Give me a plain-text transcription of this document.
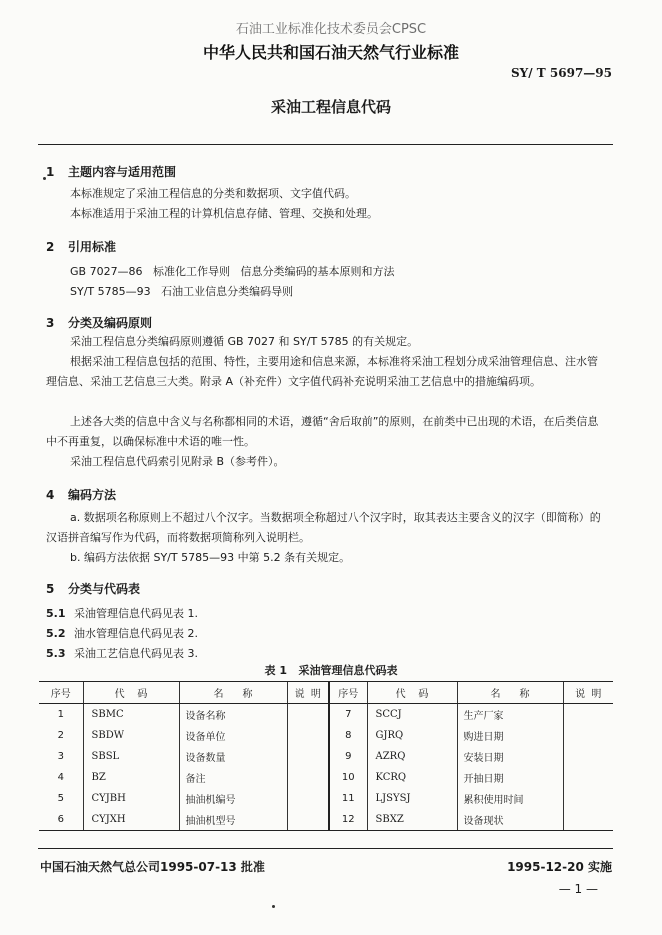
石油工业标准化技术委员会CPSC
中华人民共和国石油天然气行业标准
SY/ T 5697—95
采油工程信息代码
1 主题内容与适用范围
本标准规定了采油工程信息的分类和数据项、文字值代码。
本标准适用于采油工程的计算机信息存储、管理、交换和处理。
2 引用标准
GB 7027—86   标准化工作导则   信息分类编码的基本原则和方法
SY/T 5785—93   石油工业信息分类编码导则
3 分类及编码原则
采油工程信息分类编码原则遵循 GB 7027 和 SY/T 5785 的有关规定。
根据采油工程信息包括的范围、特性，主要用途和信息来源，本标准将采油工程划分成采油管理信息、注水管理信息、采油工艺信息三大类。附录 A（补充件）文字值代码补充说明采油工艺信息中的措施编码项。
上述各大类的信息中含义与名称都相同的术语，遵循“舍后取前”的原则，在前类中已出现的术语，在后类信息中不再重复，以确保标准中术语的唯一性。
采油工程信息代码索引见附录 B（参考件）。
4 编码方法
a. 数据项名称原则上不超过八个汉字。当数据项全称超过八个汉字时，取其表达主要含义的汉字（即简称）的汉语拼音编写作为代码，而将数据项简称列入说明栏。
b. 编码方法依据 SY/T 5785—93 中第 5.2 条有关规定。
5 分类与代码表
5.1 采油管理信息代码见表 1.
5.2 油水管理信息代码见表 2.
5.3 采油工艺信息代码见表 3.
表 1   采油管理信息代码表
序号	代    码	名      称	说  明	序号	代    码	名      称	说  明
1	SBMC	设备名称		7	SCCJ	生产厂家	
2	SBDW	设备单位		8	GJRQ	购进日期	
3	SBSL	设备数量		9	AZRQ	安装日期	
4	BZ	备注		10	KCRQ	开抽日期	
5	CYJBH	抽油机编号		11	LJSYSJ	累积使用时间	
6	CYJXH	抽油机型号		12	SBXZ	设备现状	
中国石油天然气总公司1995-07-13 批准	1995-12-20 实施
— 1 —
